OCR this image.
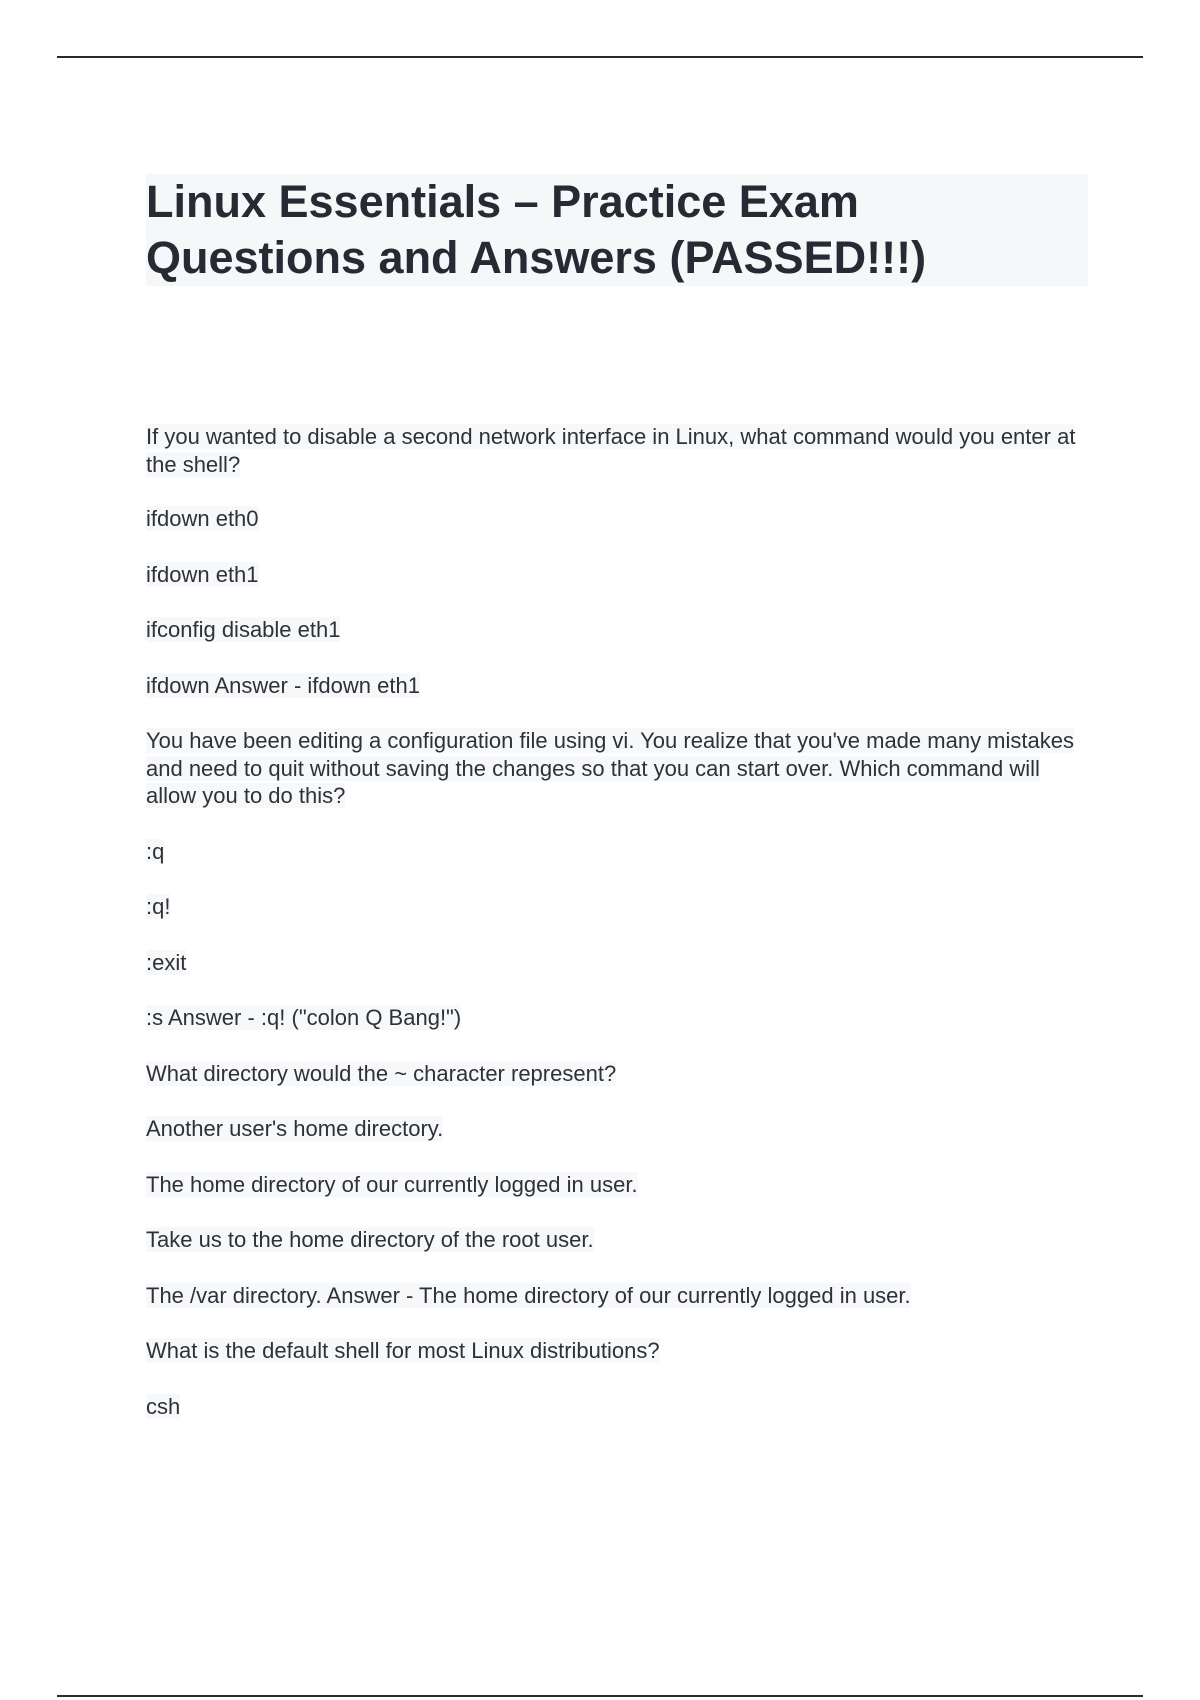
Linux Essentials – Practice Exam
Questions and Answers (PASSED!!!)

If you wanted to disable a second network interface in Linux, what command would you enter at the shell?

ifdown eth0

ifdown eth1

ifconfig disable eth1

ifdown Answer - ifdown eth1

You have been editing a configuration file using vi. You realize that you've made many mistakes and need to quit without saving the changes so that you can start over. Which command will allow you to do this?

:q

:q!

:exit

:s Answer - :q! ("colon Q Bang!")

What directory would the ~ character represent?

Another user's home directory.

The home directory of our currently logged in user.

Take us to the home directory of the root user.

The /var directory. Answer - The home directory of our currently logged in user.

What is the default shell for most Linux distributions?

csh
